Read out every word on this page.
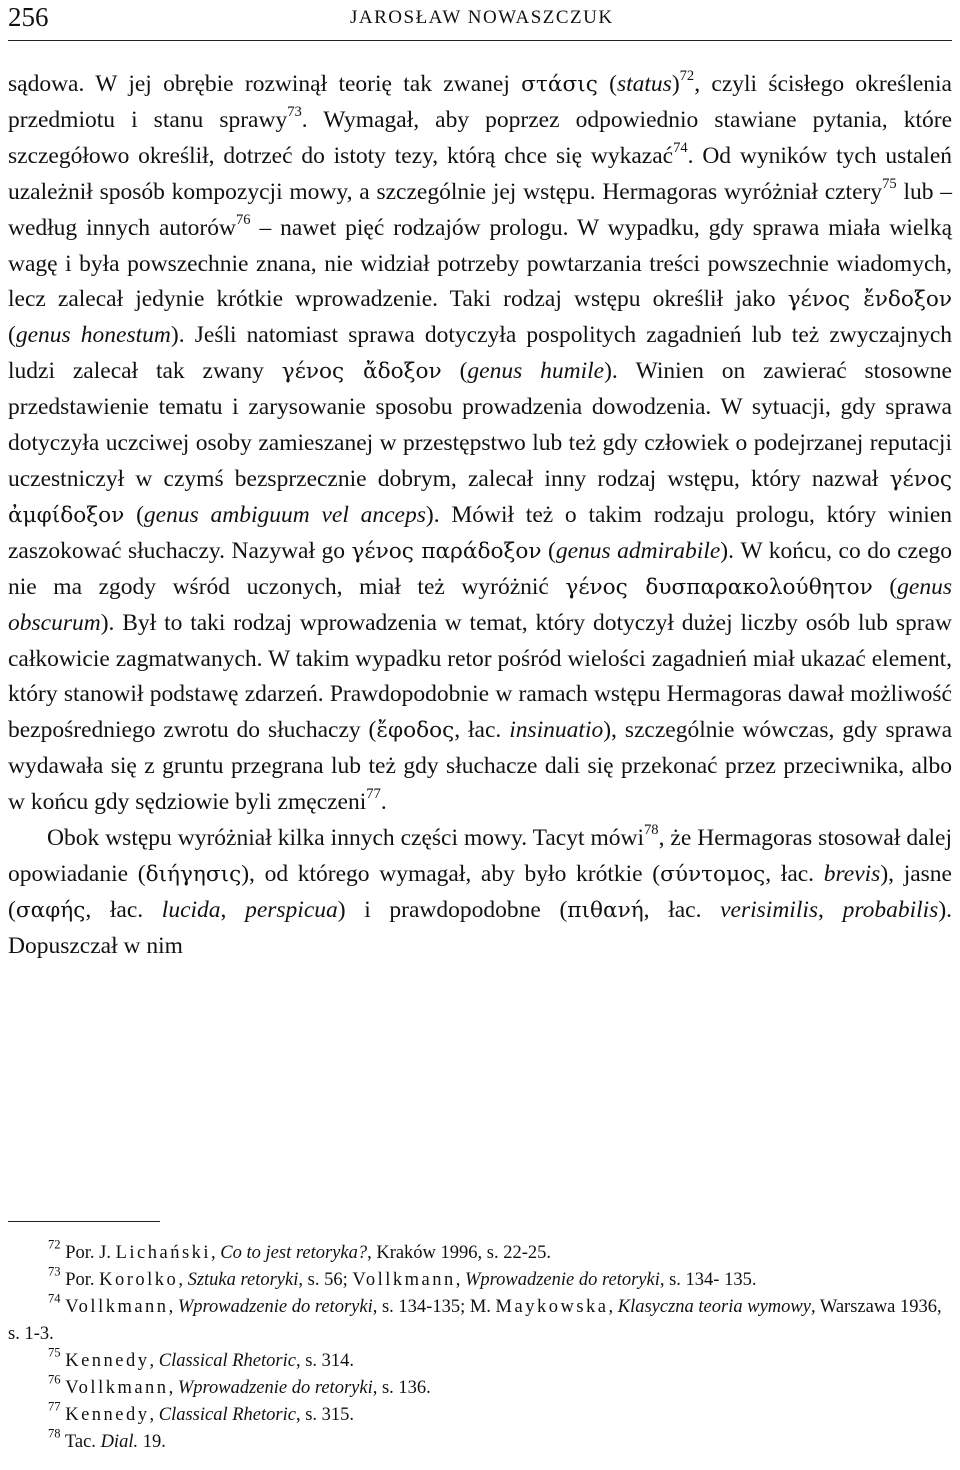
256	JAROSŁAW NOWASZCZUK

sądowa. W jej obrębie rozwinął teorię tak zwanej στάσις (status)$^{72}$, czyli ścisłego określenia przedmiotu i stanu sprawy$^{73}$. Wymagał, aby poprzez odpowiednio stawiane pytania, które szczegółowo określił, dotrzeć do istoty tezy, którą chce się wykazać$^{74}$. Od wyników tych ustaleń uzależnił sposób kompozycji mowy, a szczególnie jej wstępu. Hermagoras wyróżniał cztery$^{75}$ lub – według innych autorów$^{76}$ – nawet pięć rodzajów prologu. W wypadku, gdy sprawa miała wielką wagę i była powszechnie znana, nie widział potrzeby powtarzania treści powszechnie wiadomych, lecz zalecał jedynie krótkie wprowadzenie. Taki rodzaj wstępu określił jako γένος ἔνδοξον (genus honestum). Jeśli natomiast sprawa dotyczyła pospolitych zagadnień lub też zwyczajnych ludzi zalecał tak zwany γένος ἄδοξον (genus humile). Winien on zawierać stosowne przedstawienie tematu i zarysowanie sposobu prowadzenia dowodzenia. W sytuacji, gdy sprawa dotyczyła uczciwej osoby zamieszanej w przestępstwo lub też gdy człowiek o podejrzanej reputacji uczestniczył w czymś bezsprzecznie dobrym, zalecał inny rodzaj wstępu, który nazwał γένος ἀμφίδοξον (genus ambiguum vel anceps). Mówił też o takim rodzaju prologu, który winien zaszokować słuchaczy. Nazywał go γένος παράδοξον (genus admirabile). W końcu, co do czego nie ma zgody wśród uczonych, miał też wyróżnić γένος δυσπαρακολούθητον (genus obscurum). Był to taki rodzaj wprowadzenia w temat, który dotyczył dużej liczby osób lub spraw całkowicie zagmatwanych. W takim wypadku retor pośród wielości zagadnień miał ukazać element, który stanowił podstawę zdarzeń. Prawdopodobnie w ramach wstępu Hermagoras dawał możliwość bezpośredniego zwrotu do słuchaczy (ἔφοδος, łac. insinuatio), szczególnie wówczas, gdy sprawa wydawała się z gruntu przegrana lub też gdy słuchacze dali się przekonać przez przeciwnika, albo w końcu gdy sędziowie byli zmęczeni$^{77}$.

Obok wstępu wyróżniał kilka innych części mowy. Tacyt mówi$^{78}$, że Hermagoras stosował dalej opowiadanie (διήγησις), od którego wymagał, aby było krótkie (σύντομος, łac. brevis), jasne (σαφής, łac. lucida, perspicua) i prawdopodobne (πιθανή, łac. verisimilis, probabilis). Dopuszczał w nim

$^{72}$ Por. J. Lichański, Co to jest retoryka?, Kraków 1996, s. 22-25.

$^{73}$ Por. Korolko, Sztuka retoryki, s. 56; Vollkmann, Wprowadzenie do retoryki, s. 134- 135.

$^{74}$ Vollkmann, Wprowadzenie do retoryki, s. 134-135; M. Maykowska, Klasyczna teoria wymowy, Warszawa 1936, s. 1-3.

$^{75}$ Kennedy, Classical Rhetoric, s. 314.

$^{76}$ Vollkmann, Wprowadzenie do retoryki, s. 136.

$^{77}$ Kennedy, Classical Rhetoric, s. 315.

$^{78}$ Tac. Dial. 19.
